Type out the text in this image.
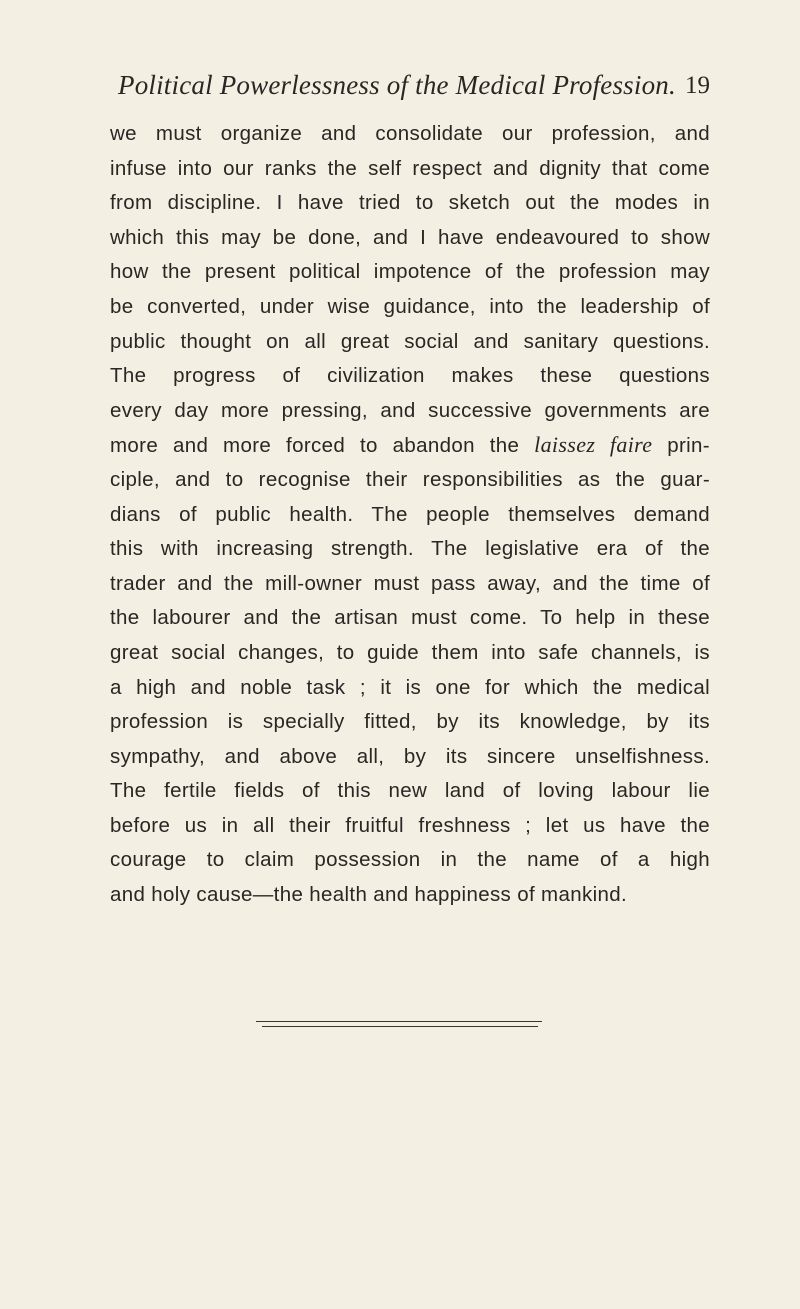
Political Powerlessness of the Medical Profession. 19
we must organize and consolidate our profession, and
infuse into our ranks the self respect and dignity that come
from discipline. I have tried to sketch out the modes in
which this may be done, and I have endeavoured to show
how the present political impotence of the profession may
be converted, under wise guidance, into the leadership of
public thought on all great social and sanitary questions.
The progress of civilization makes these questions
every day more pressing, and successive governments are
more and more forced to abandon the laissez faire prin-
ciple, and to recognise their responsibilities as the guar-
dians of public health. The people themselves demand
this with increasing strength. The legislative era of the
trader and the mill-owner must pass away, and the time of
the labourer and the artisan must come. To help in these
great social changes, to guide them into safe channels, is
a high and noble task ; it is one for which the medical
profession is specially fitted, by its knowledge, by its
sympathy, and above all, by its sincere unselfishness.
The fertile fields of this new land of loving labour lie
before us in all their fruitful freshness ; let us have the
courage to claim possession in the name of a high
and holy cause—the health and happiness of mankind.
